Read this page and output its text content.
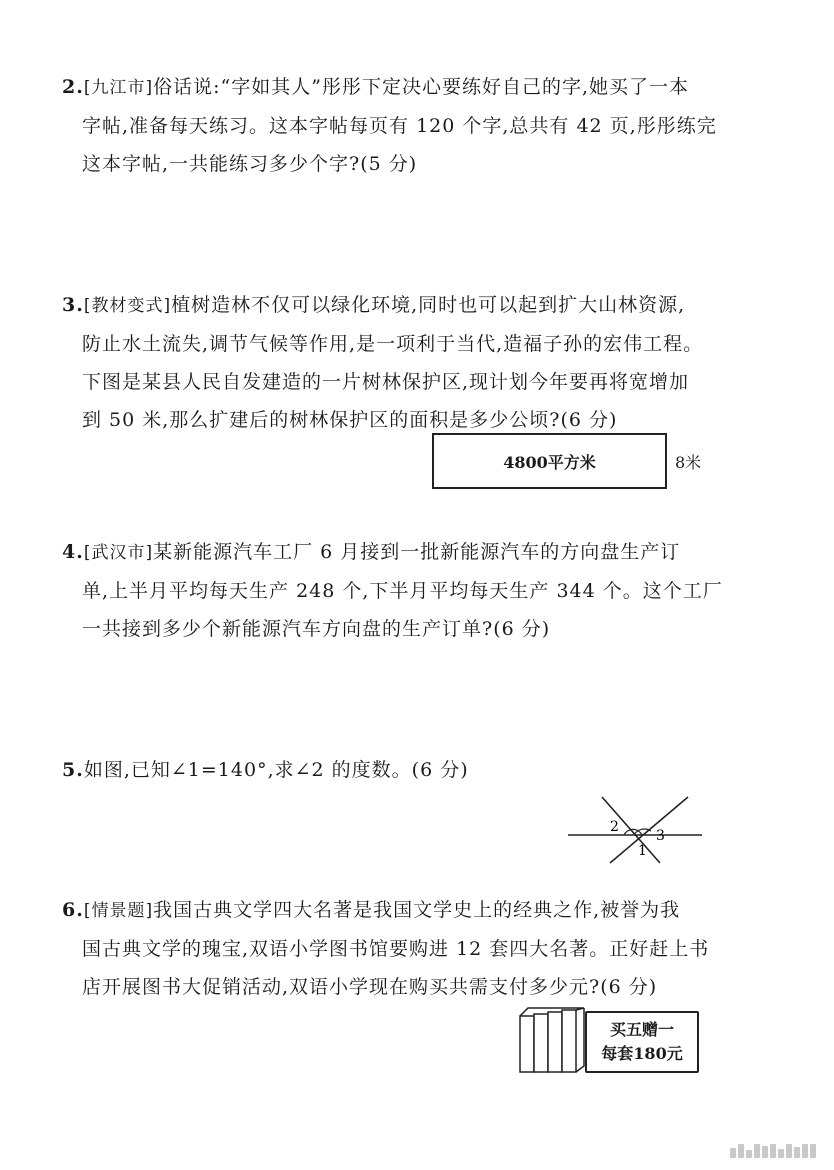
2.[九江市]俗话说:“字如其人”彤彤下定决心要练好自己的字,她买了一本
字帖,准备每天练习。这本字帖每页有 120 个字,总共有 42 页,彤彤练完
这本字帖,一共能练习多少个字?(5 分)
3.[教材变式]植树造林不仅可以绿化环境,同时也可以起到扩大山林资源,
防止水土流失,调节气候等作用,是一项利于当代,造福子孙的宏伟工程。
下图是某县人民自发建造的一片树林保护区,现计划今年要再将宽增加
到 50 米,那么扩建后的树林保护区的面积是多少公顷?(6 分)
4800平方米	8米
4.[武汉市]某新能源汽车工厂 6 月接到一批新能源汽车的方向盘生产订
单,上半月平均每天生产 248 个,下半月平均每天生产 344 个。这个工厂
一共接到多少个新能源汽车方向盘的生产订单?(6 分)
5.如图,已知∠1=140°,求∠2 的度数。(6 分)
2
3
1
6.[情景题]我国古典文学四大名著是我国文学史上的经典之作,被誉为我
国古典文学的瑰宝,双语小学图书馆要购进 12 套四大名著。正好赶上书
店开展图书大促销活动,双语小学现在购买共需支付多少元?(6 分)
买五赠一
每套180元
